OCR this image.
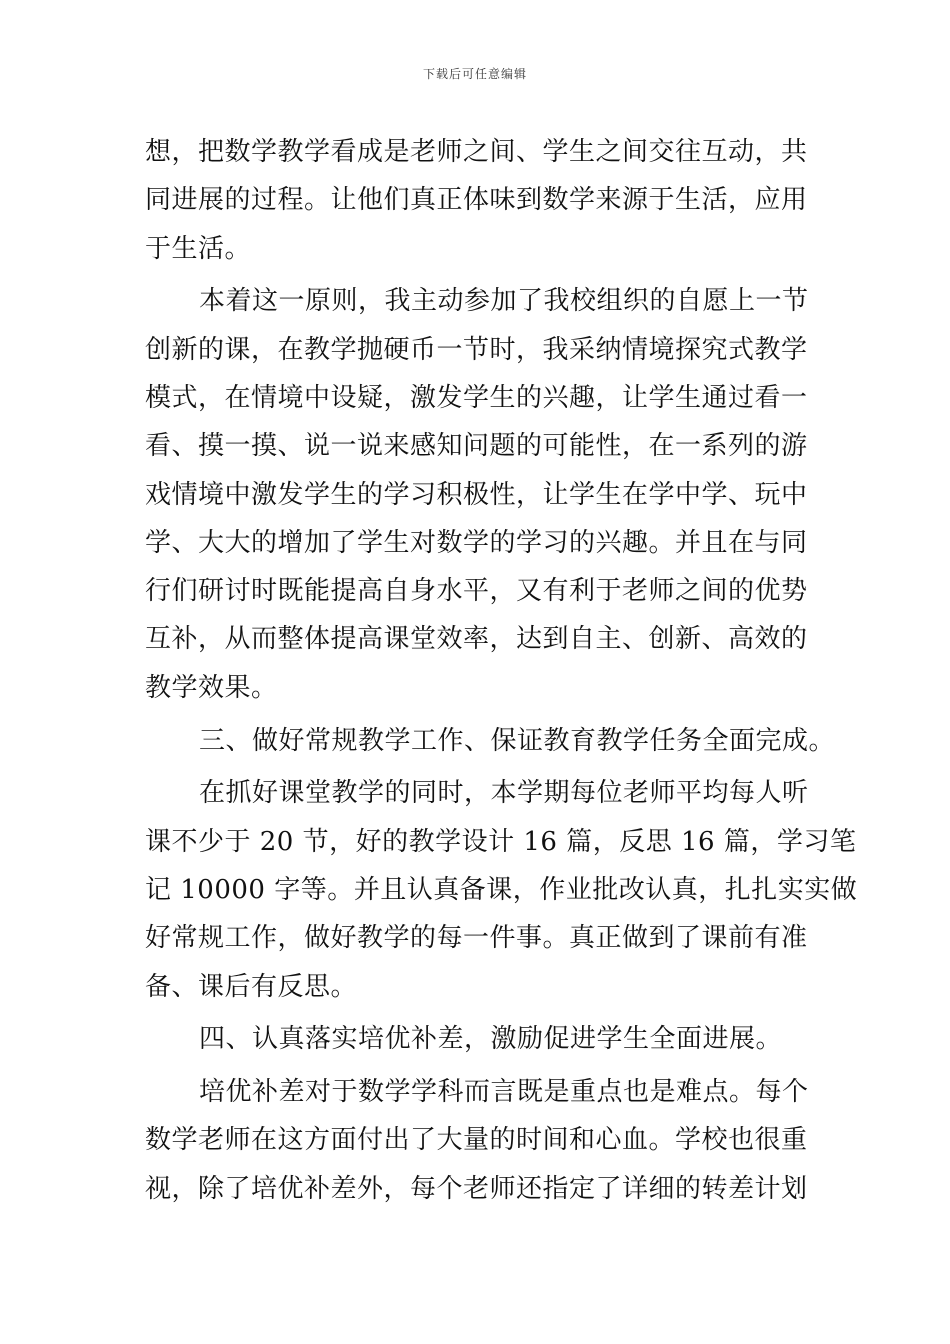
下载后可任意编辑
想，把数学教学看成是老师之间、学生之间交往互动，共
同进展的过程。让他们真正体味到数学来源于生活，应用
于生活。
本着这一原则，我主动参加了我校组织的自愿上一节
创新的课，在教学抛硬币一节时，我采纳情境探究式教学
模式，在情境中设疑，激发学生的兴趣，让学生通过看一
看、摸一摸、说一说来感知问题的可能性，在一系列的游
戏情境中激发学生的学习积极性，让学生在学中学、玩中
学、大大的增加了学生对数学的学习的兴趣。并且在与同
行们研讨时既能提高自身水平，又有利于老师之间的优势
互补，从而整体提高课堂效率，达到自主、创新、高效的
教学效果。
三、做好常规教学工作、保证教育教学任务全面完成。
在抓好课堂教学的同时，本学期每位老师平均每人听
课不少于 20 节，好的教学设计 16 篇，反思 16 篇，学习笔
记 10000 字等。并且认真备课，作业批改认真，扎扎实实做
好常规工作，做好教学的每一件事。真正做到了课前有准
备、课后有反思。
四、认真落实培优补差，激励促进学生全面进展。
培优补差对于数学学科而言既是重点也是难点。每个
数学老师在这方面付出了大量的时间和心血。学校也很重
视，除了培优补差外，每个老师还指定了详细的转差计划
